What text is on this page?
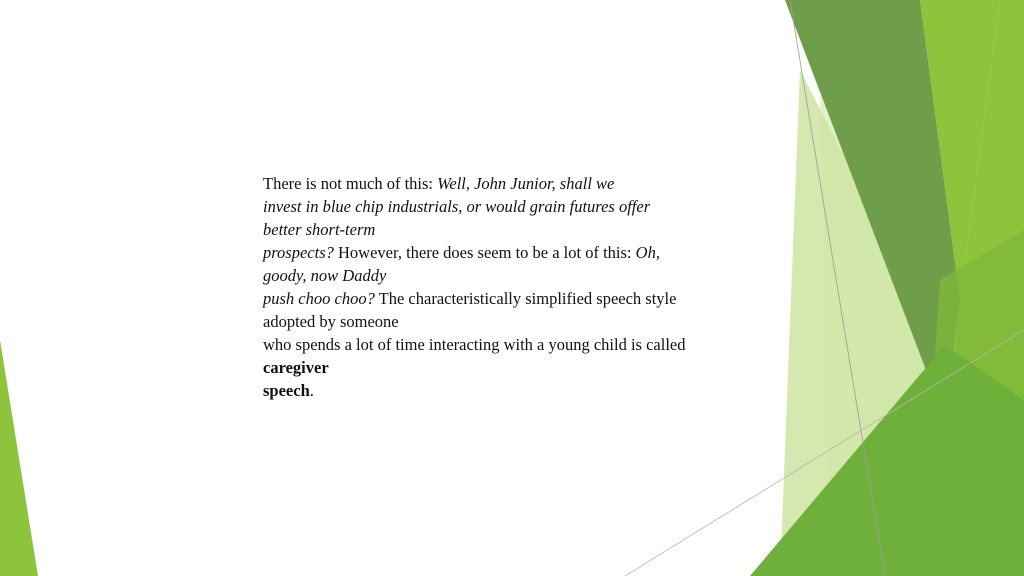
There is not much of this: Well, John Junior, shall we
invest in blue chip industrials, or would grain futures offer
better short-term
prospects? However, there does seem to be a lot of this: Oh,
goody, now Daddy
push choo choo? The characteristically simplified speech style
adopted by someone
who spends a lot of time interacting with a young child is called
caregiver
speech.
